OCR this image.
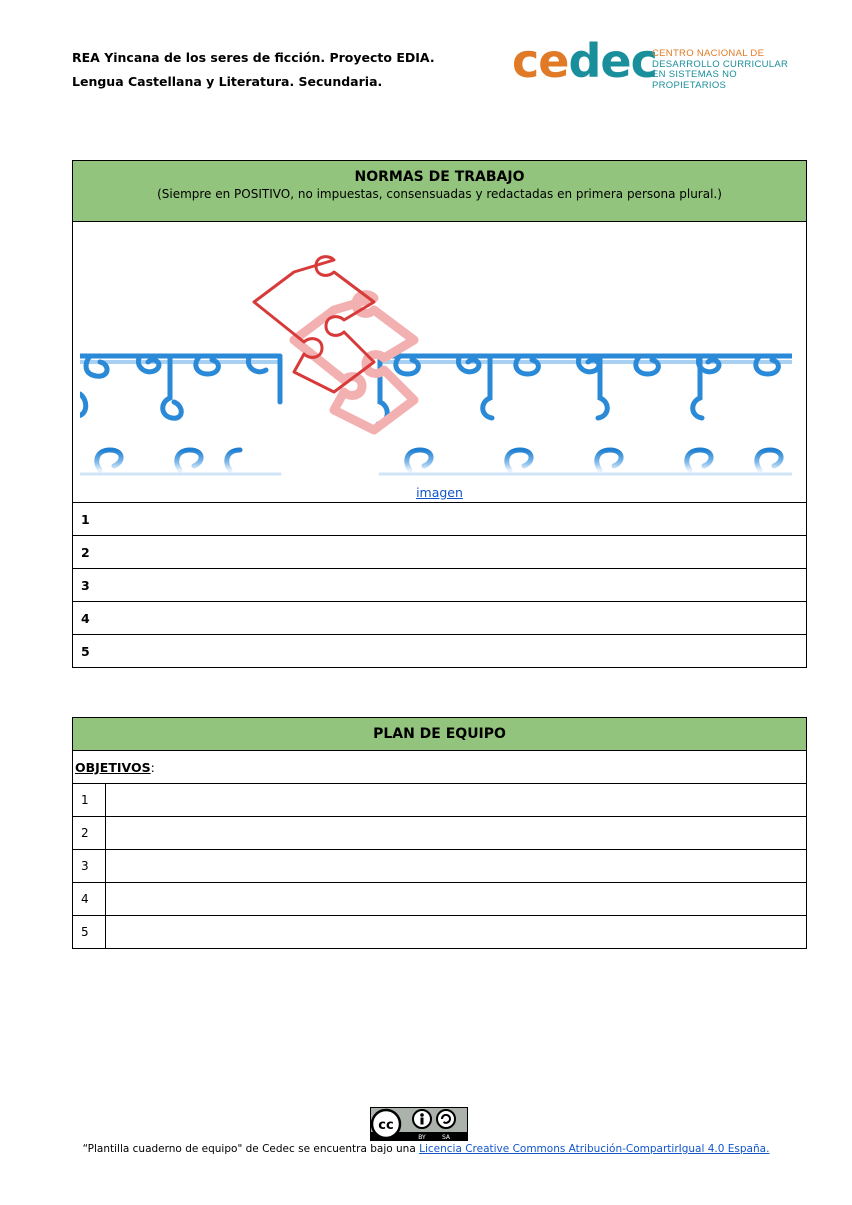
REA Yincana de los seres de ficción. Proyecto EDIA.
Lengua Castellana y Literatura. Secundaria.	cedec
CENTRO NACIONAL DE
DESARROLLO CURRICULAR
EN SISTEMAS NO PROPIETARIOS
NORMAS DE TRABAJO
(Siempre en POSITIVO, no impuestas, consensuadas y redactadas en primera persona plural.)

imagen

1
2
3
4
5
PLAN DE EQUIPO	
OBJETIVOS:	
1	
2	
3	
4	
5	
cc
BY	SA
“Plantilla cuaderno de equipo" de Cedec se encuentra bajo una Licencia Creative Commons Atribución-CompartirIgual 4.0 España.
